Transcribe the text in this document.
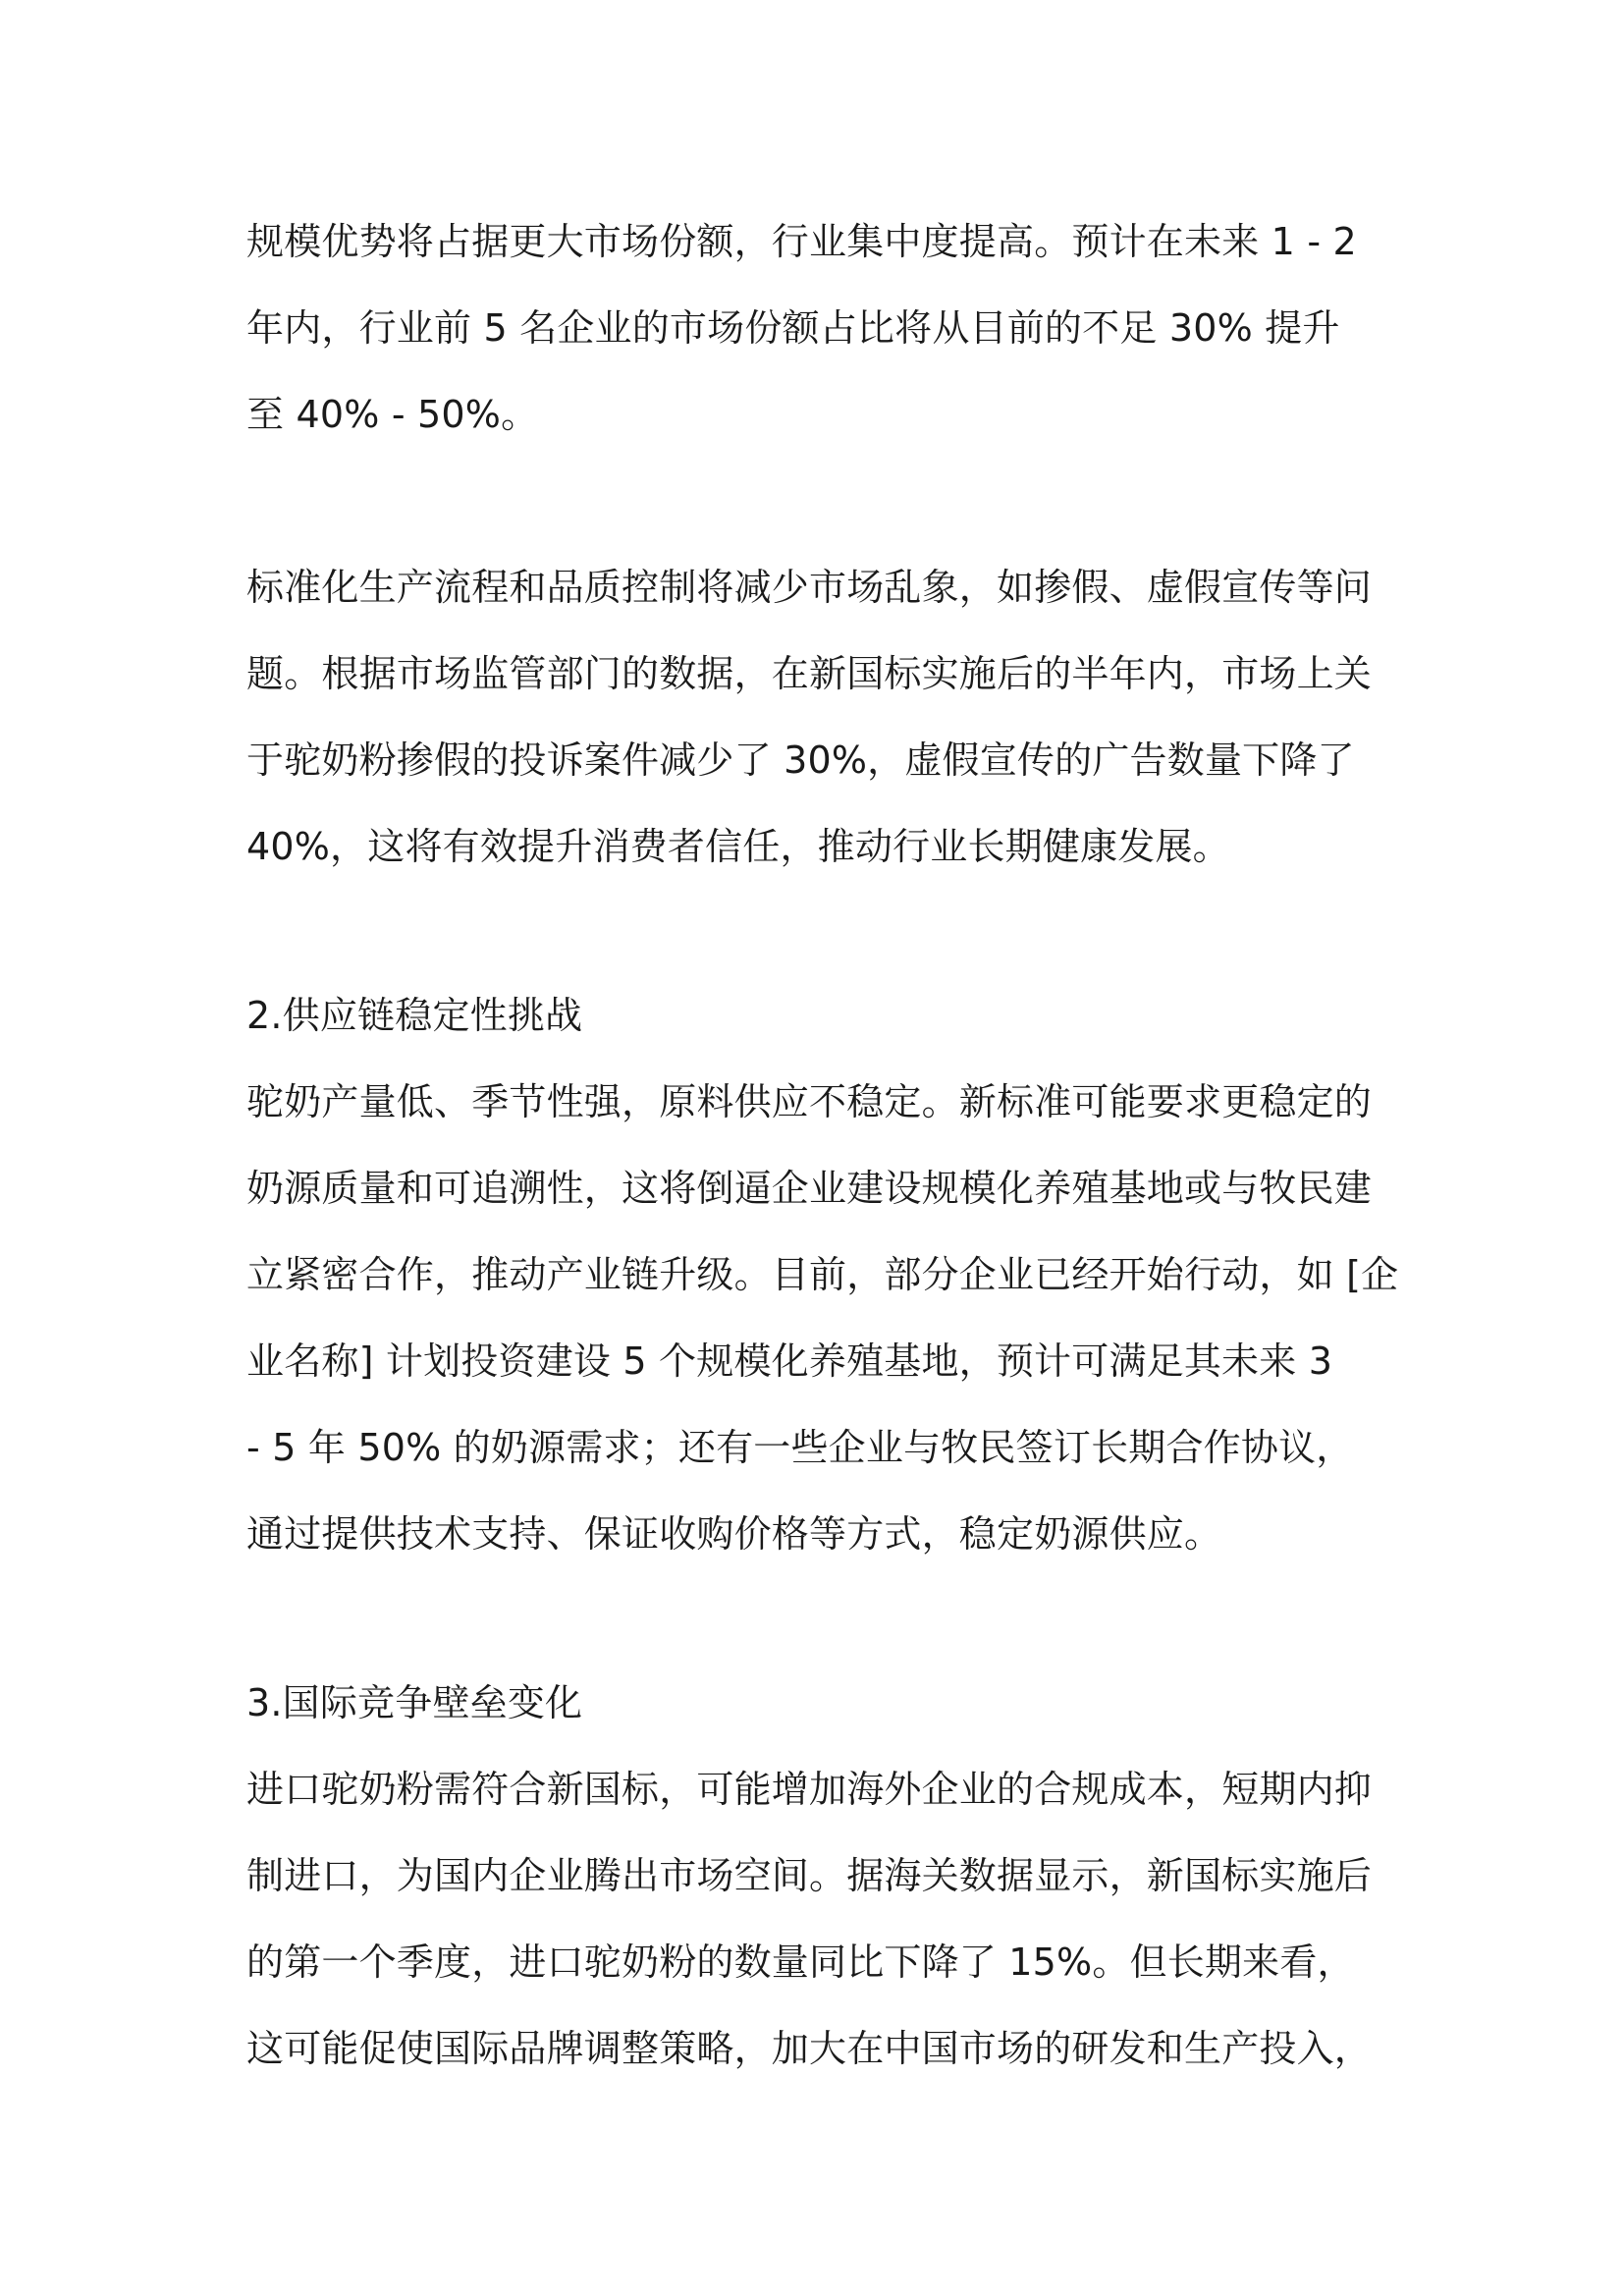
规模优势将占据更大市场份额，行业集中度提高。预计在未来 1 - 2
年内，行业前 5 名企业的市场份额占比将从目前的不足 30% 提升
至 40% - 50%。
标准化生产流程和品质控制将减少市场乱象，如掺假、虚假宣传等问
题。根据市场监管部门的数据，在新国标实施后的半年内，市场上关
于驼奶粉掺假的投诉案件减少了 30%，虚假宣传的广告数量下降了
40%，这将有效提升消费者信任，推动行业长期健康发展。
2.供应链稳定性挑战
驼奶产量低、季节性强，原料供应不稳定。新标准可能要求更稳定的
奶源质量和可追溯性，这将倒逼企业建设规模化养殖基地或与牧民建
立紧密合作，推动产业链升级。目前，部分企业已经开始行动，如 [企
业名称] 计划投资建设 5 个规模化养殖基地，预计可满足其未来 3
- 5 年 50% 的奶源需求；还有一些企业与牧民签订长期合作协议，
通过提供技术支持、保证收购价格等方式，稳定奶源供应。
3.国际竞争壁垒变化
进口驼奶粉需符合新国标，可能增加海外企业的合规成本，短期内抑
制进口，为国内企业腾出市场空间。据海关数据显示，新国标实施后
的第一个季度，进口驼奶粉的数量同比下降了 15%。但长期来看，
这可能促使国际品牌调整策略，加大在中国市场的研发和生产投入，
